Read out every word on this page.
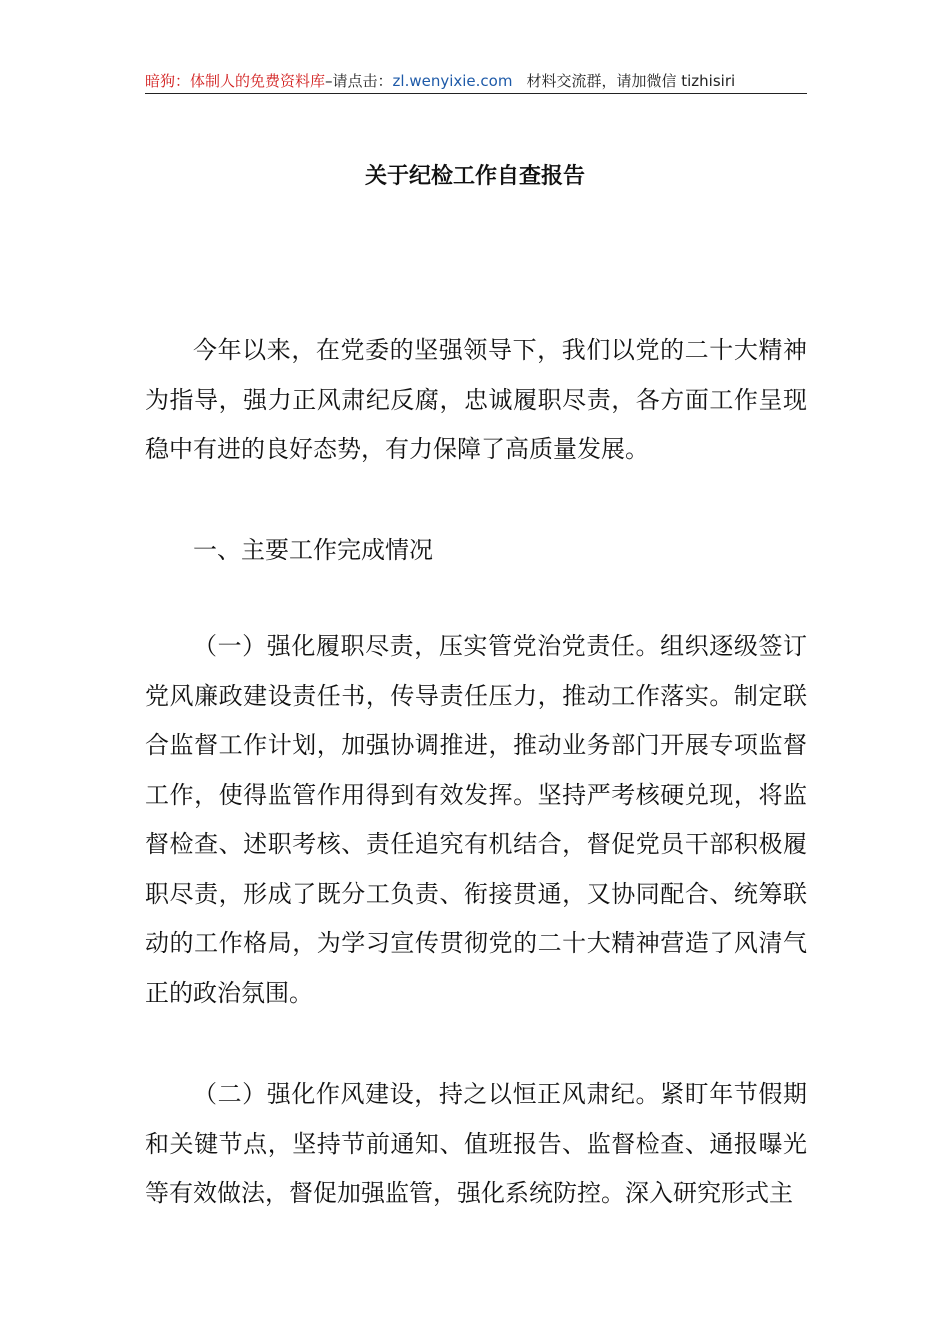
暗狗：体制人的免费资料库–请点击：zl.wenyixie.com 材料交流群，请加微信 tizhisiri
关于纪检工作自查报告
今年以来，在党委的坚强领导下，我们以党的二十大精神为指导，强力正风肃纪反腐，忠诚履职尽责，各方面工作呈现稳中有进的良好态势，有力保障了高质量发展。
一、主要工作完成情况
（一）强化履职尽责，压实管党治党责任。组织逐级签订党风廉政建设责任书，传导责任压力，推动工作落实。制定联合监督工作计划，加强协调推进，推动业务部门开展专项监督工作，使得监管作用得到有效发挥。坚持严考核硬兑现，将监督检查、述职考核、责任追究有机结合，督促党员干部积极履职尽责，形成了既分工负责、衔接贯通，又协同配合、统筹联动的工作格局，为学习宣传贯彻党的二十大精神营造了风清气正的政治氛围。
（二）强化作风建设，持之以恒正风肃纪。紧盯年节假期和关键节点，坚持节前通知、值班报告、监督检查、通报曝光等有效做法，督促加强监管，强化系统防控。深入研究形式主
